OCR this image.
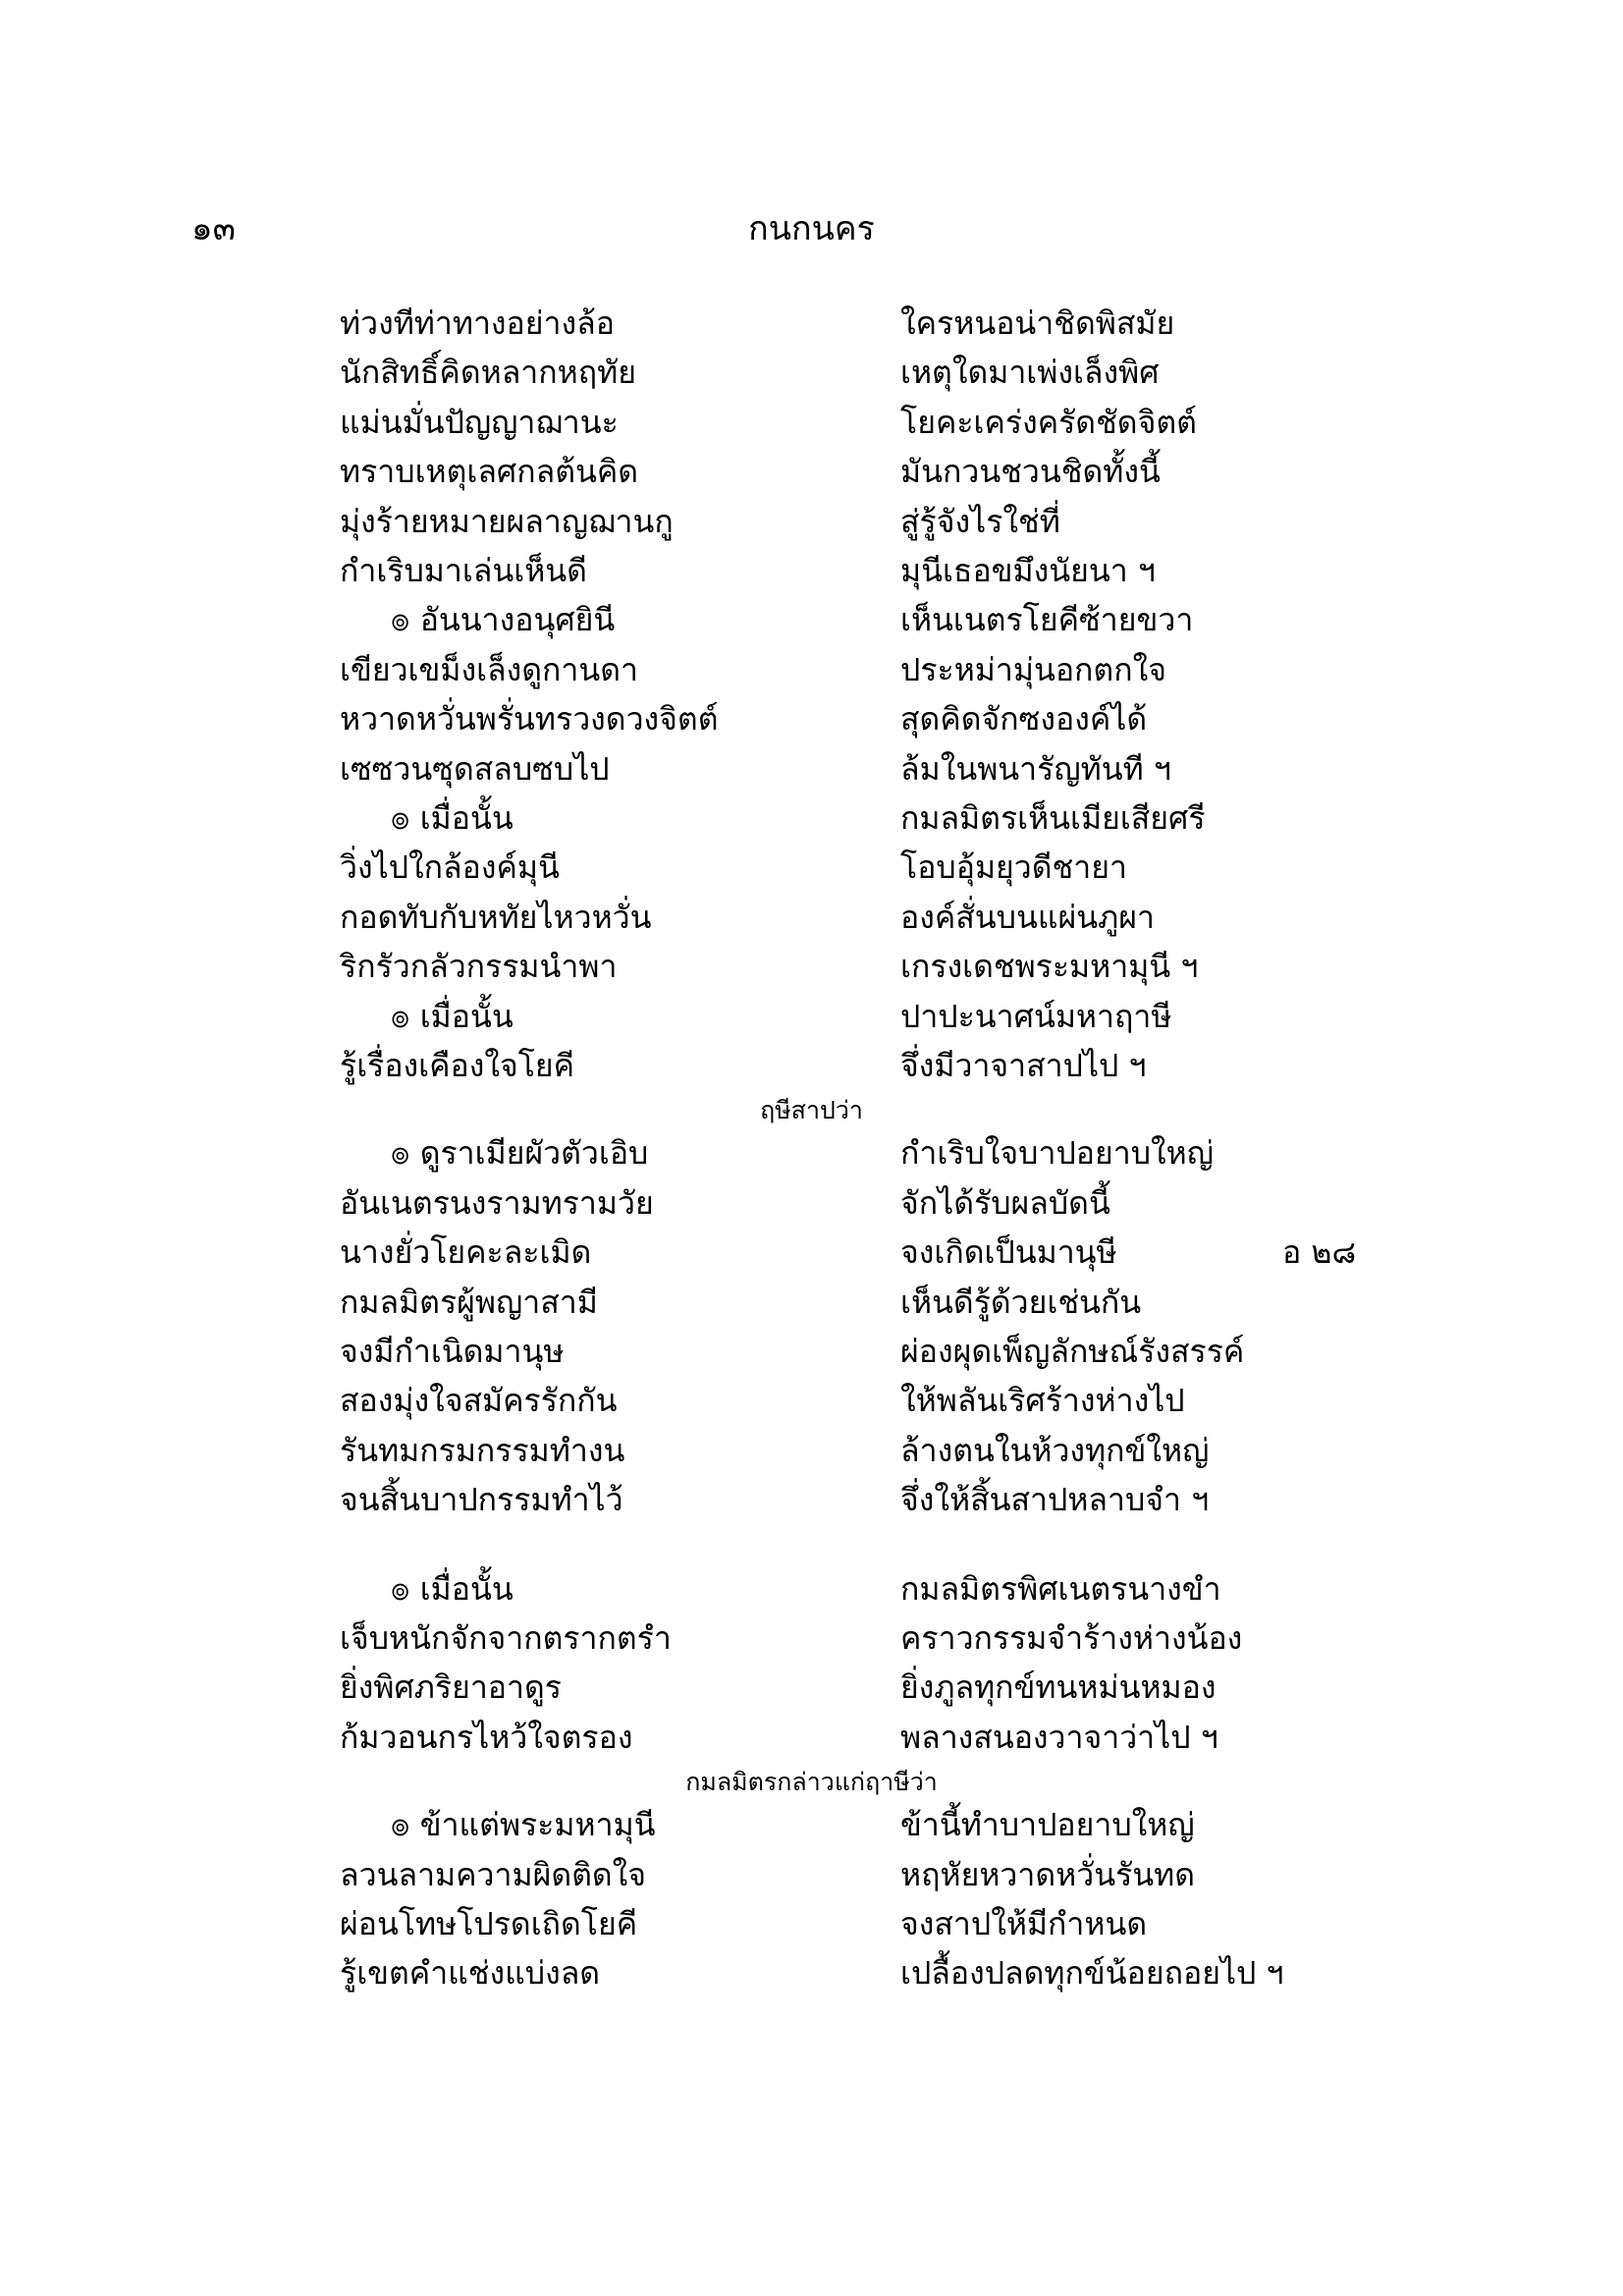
๑๓	กนกนคร
ท่วงทีท่าทางอย่างล้อ	ใครหนอน่าชิดพิสมัย
นักสิทธิ์คิดหลากหฤทัย	เหตุใดมาเพ่งเล็งพิศ
แม่นมั่นปัญญาฌานะ	โยคะเคร่งครัดชัดจิตต์
ทราบเหตุเลศกลต้นคิด	มันกวนชวนชิดทั้งนี้
มุ่งร้ายหมายผลาญฌานกู	สู่รู้จังไรใช่ที่
กำเริบมาเล่นเห็นดี	มุนีเธอขมึงนัยนา ฯ
๏ อันนางอนุศยินี	เห็นเนตรโยคีซ้ายขวา
เขียวเขม็งเล็งดูกานดา	ประหม่ามุ่นอกตกใจ
หวาดหวั่นพรั่นทรวงดวงจิตต์	สุดคิดจักซงองค์ได้
เซซวนซุดสลบซบไป	ล้มในพนารัญทันที ฯ
๏ เมื่อนั้น	กมลมิตรเห็นเมียเสียศรี
วิ่งไปใกล้องค์มุนี	โอบอุ้มยุวดีชายา
กอดทับกับหทัยไหวหวั่น	องค์สั่นบนแผ่นภูผา
ริกรัวกลัวกรรมนำพา	เกรงเดชพระมหามุนี ฯ
๏ เมื่อนั้น	ปาปะนาศน์มหาฤาษี
รู้เรื่องเคืองใจโยคี	จึ่งมีวาจาสาปไป ฯ
ฤษีสาปว่า
๏ ดูราเมียผัวตัวเอิบ	กำเริบใจบาปอยาบใหญ่
อันเนตรนงรามทรามวัย	จักได้รับผลบัดนี้
นางยั่วโยคะละเมิด	จงเกิดเป็นมานุษี	อ ๒๘
กมลมิตรผู้พญาสามี	เห็นดีรู้ด้วยเช่นกัน
จงมีกำเนิดมานุษ	ผ่องผุดเพ็ญลักษณ์รังสรรค์
สองมุ่งใจสมัครรักกัน	ให้พลันเริศร้างห่างไป
รันทมกรมกรรมทำงน	ล้างตนในห้วงทุกข์ใหญ่
จนสิ้นบาปกรรมทำไว้	จึ่งให้สิ้นสาปหลาบจำ ฯ
๏ เมื่อนั้น	กมลมิตรพิศเนตรนางขำ
เจ็บหนักจักจากตรากตรำ	คราวกรรมจำร้างห่างน้อง
ยิ่งพิศภริยาอาดูร	ยิ่งภูลทุกข์ทนหม่นหมอง
ก้มวอนกรไหว้ใจตรอง	พลางสนองวาจาว่าไป ฯ
กมลมิตรกล่าวแก่ฤาษีว่า
๏ ข้าแต่พระมหามุนี	ข้านี้ทำบาปอยาบใหญ่
ลวนลามความผิดติดใจ	หฤหัยหวาดหวั่นรันทด
ผ่อนโทษโปรดเถิดโยคี	จงสาปให้มีกำหนด
รู้เขตคำแช่งแบ่งลด	เปลื้องปลดทุกข์น้อยถอยไป ฯ
